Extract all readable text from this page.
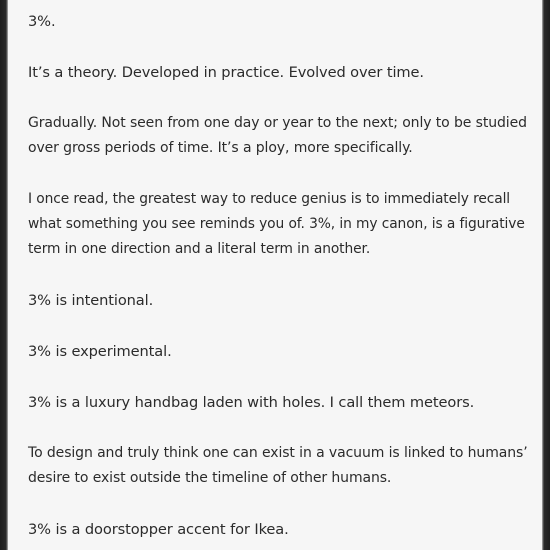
3%.

It’s a theory. Developed in practice. Evolved over time.

Gradually. Not seen from one day or year to the next; only to be studied
over gross periods of time. It’s a ploy, more specifically.

I once read, the greatest way to reduce genius is to immediately recall
what something you see reminds you of. 3%, in my canon, is a figurative
term in one direction and a literal term in another.

3% is intentional.

3% is experimental.

3% is a luxury handbag laden with holes. I call them meteors.

To design and truly think one can exist in a vacuum is linked to humans’
desire to exist outside the timeline of other humans.

3% is a doorstopper accent for Ikea.
